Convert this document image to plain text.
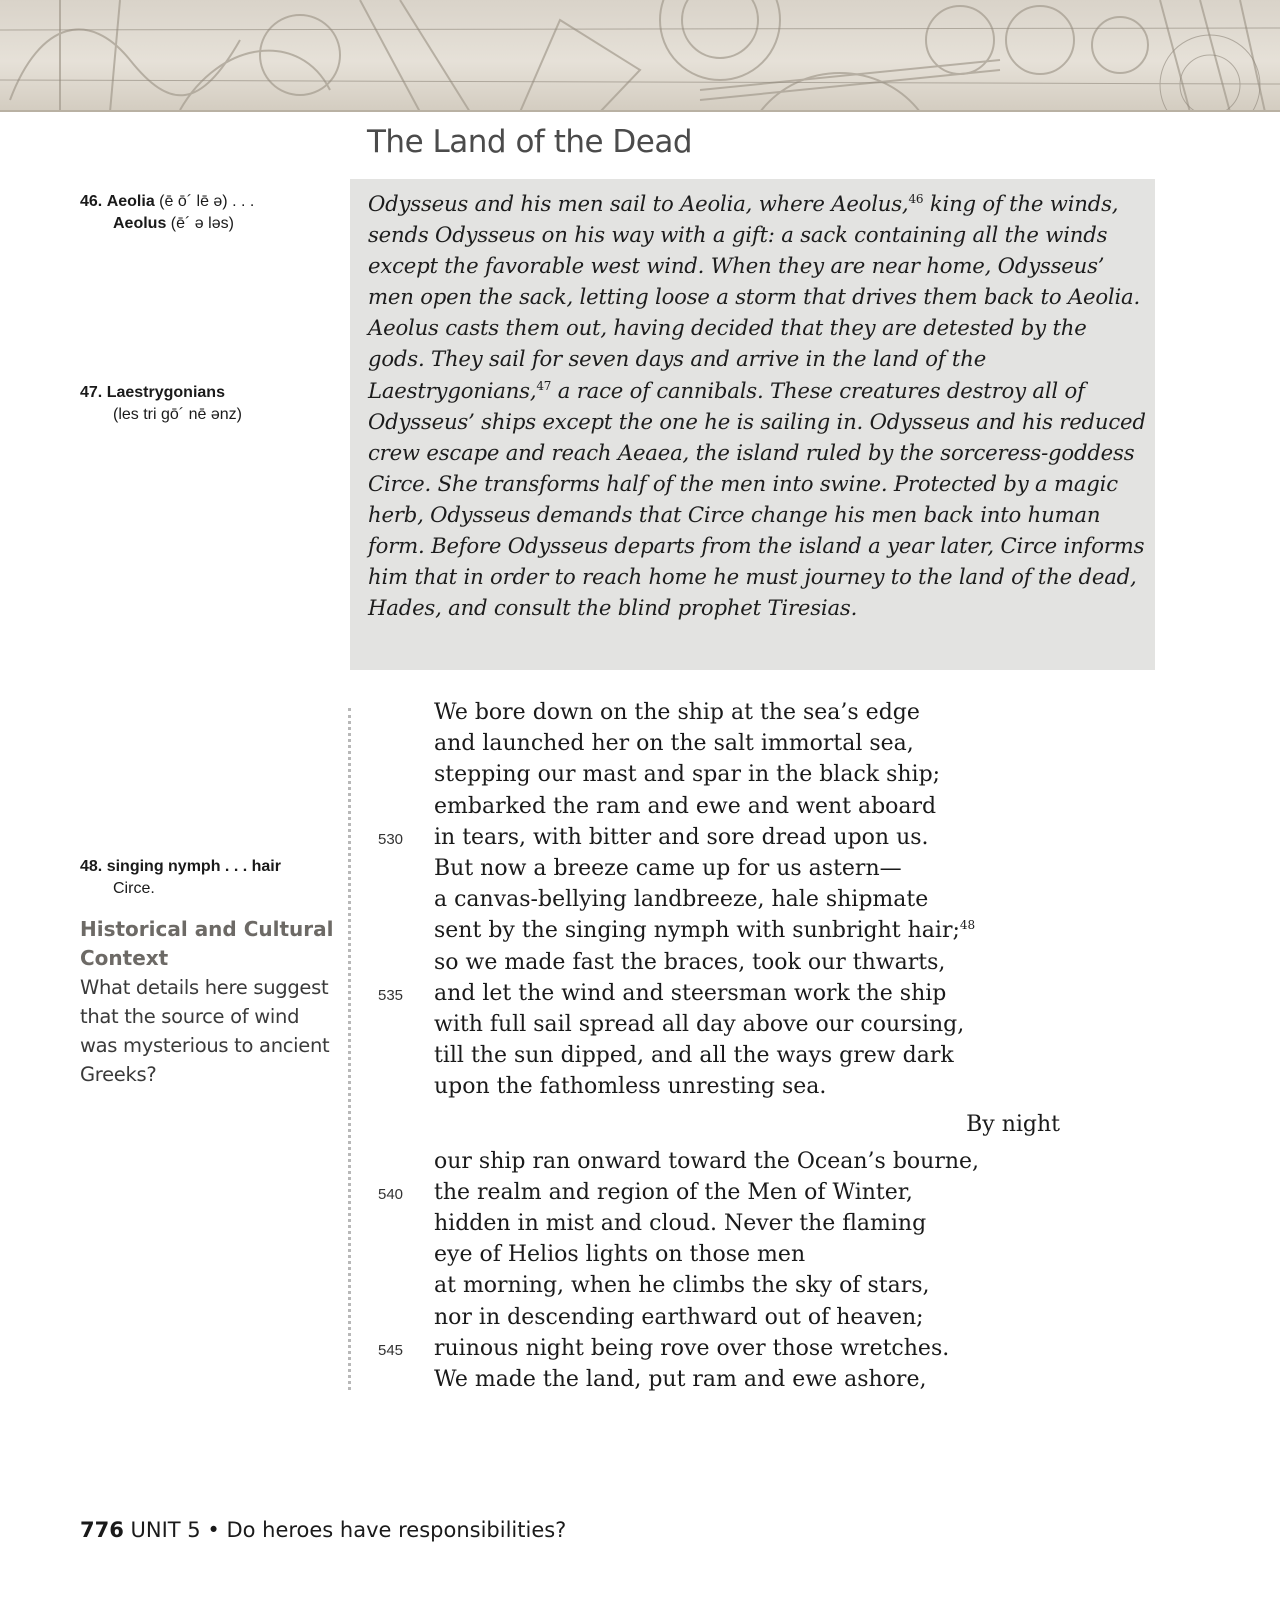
The Land of the Dead

Odysseus and his men sail to Aeolia, where Aeolus,$^{46}$ king of the winds, sends Odysseus on his way with a gift: a sack containing all the winds except the favorable west wind. When they are near home, Odysseus’ men open the sack, letting loose a storm that drives them back to Aeolia. Aeolus casts them out, having decided that they are detested by the gods. They sail for seven days and arrive in the land of the Laestrygonians,$^{47}$ a race of cannibals. These creatures destroy all of Odysseus’ ships except the one he is sailing in. Odysseus and his reduced crew escape and reach Aeaea, the island ruled by the sorceress-goddess Circe. She transforms half of the men into swine. Protected by a magic herb, Odysseus demands that Circe change his men back into human form. Before Odysseus departs from the island a year later, Circe informs him that in order to reach home he must journey to the land of the dead, Hades, and consult the blind prophet Tiresias.

46. Aeolia (ē ō´ lē ə) . . .
Aeolus (ē´ ə ləs)
47. Laestrygonians
(les tri gō´ nē ənz)
48. singing nymph . . . hair
Circe.

Historical and Cultural Context

What details here suggest that the source of wind was mysterious to ancient Greeks?

We bore down on the ship at the sea’s edge
and launched her on the salt immortal sea,
stepping our mast and spar in the black ship;
embarked the ram and ewe and went aboard
530 in tears, with bitter and sore dread upon us.
But now a breeze came up for us astern—
a canvas-bellying landbreeze, hale shipmate
sent by the singing nymph with sunbright hair;$^{48}$
so we made fast the braces, took our thwarts,
535 and let the wind and steersman work the ship
with full sail spread all day above our coursing,
till the sun dipped, and all the ways grew dark
upon the fathomless unresting sea.
By night
our ship ran onward toward the Ocean’s bourne,
540 the realm and region of the Men of Winter,
hidden in mist and cloud. Never the flaming
eye of Helios lights on those men
at morning, when he climbs the sky of stars,
nor in descending earthward out of heaven;
545 ruinous night being rove over those wretches.
We made the land, put ram and ewe ashore,
776 UNIT 5 • Do heroes have responsibilities?
